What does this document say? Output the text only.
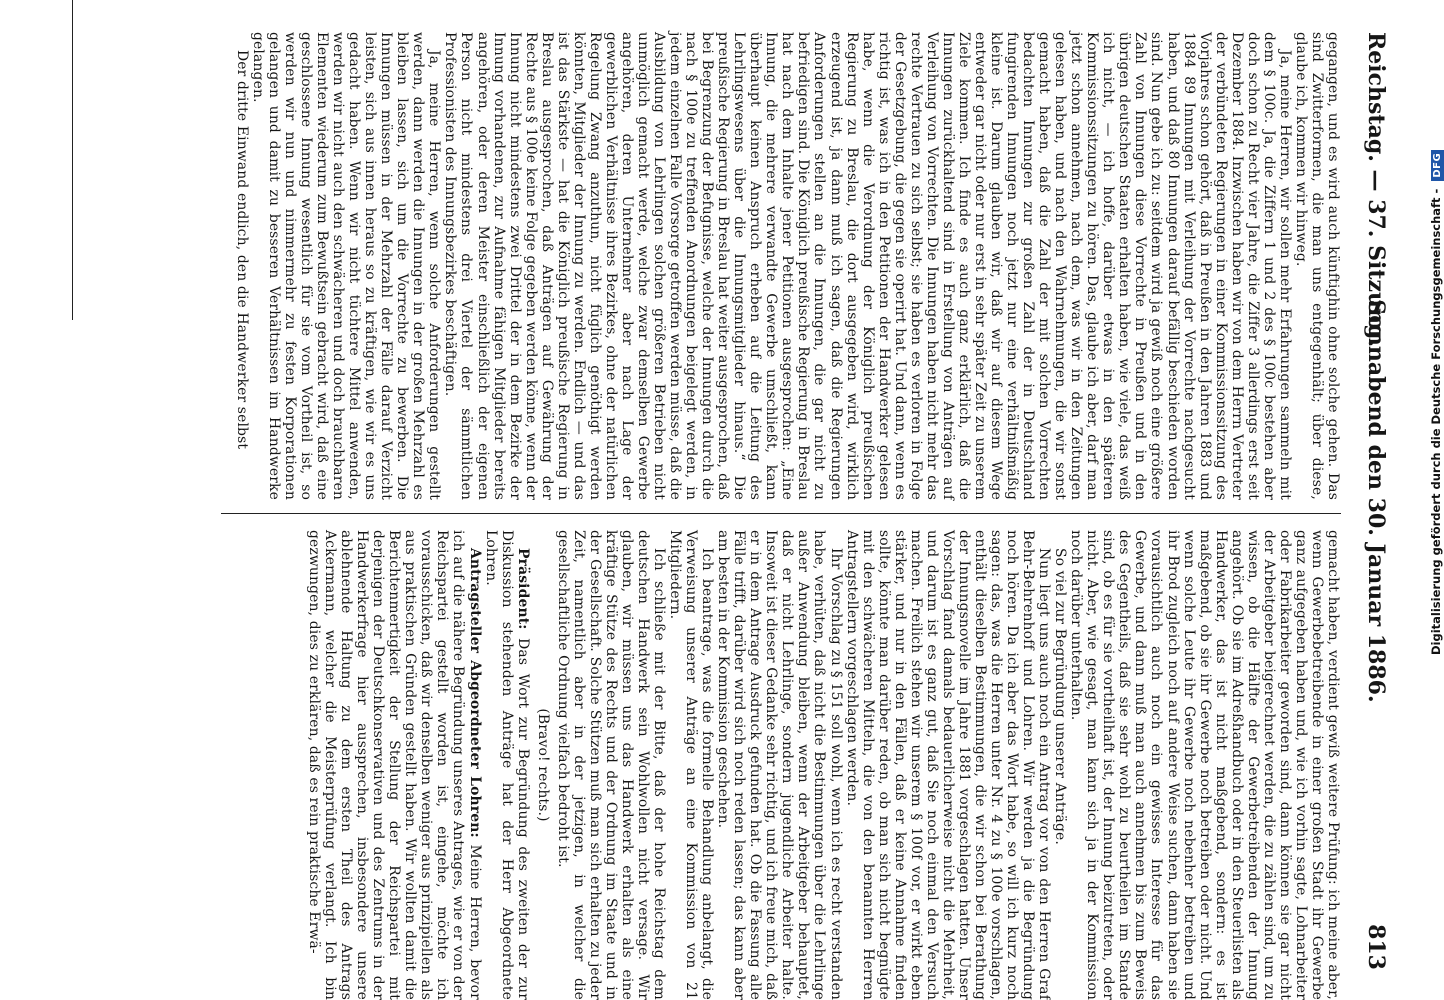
Reichstag. — 37. Sitzung.
Sonnabend den 30. Januar 1886.
813

gegangen, und es wird auch künftighin ohne solche gehen. Das sind Zwitterformen, die man uns entgegenhält; über diese, glaube ich, kommen wir hinweg.

Ja, meine Herren, wir sollen mehr Erfahrungen sammeln mit dem § 100c. Ja, die Ziffern 1 und 2 des § 100c bestehen aber doch schon zu Recht vier Jahre, die Ziffer 3 allerdings erst seit Dezember 1884. Inzwischen haben wir von dem Herrn Vertreter der verbündeten Regierungen in einer Kommissionssitzung des Vorjahres schon gehört, daß in Preußen in den Jahren 1883 und 1884 89 Innungen mit Verleihung der Vorrechte nachgesucht haben, und daß 80 Innungen darauf befällig beschieden worden sind. Nun gebe ich zu: seitdem wird ja gewiß noch eine größere Zahl von Innungen diese Vorrechte in Preußen und in den übrigen deutschen Staaten erhalten haben, wie viele, das weiß ich nicht, — ich hoffe, darüber etwas in den späteren Kommissionssitzungen zu hören. Das, glaube ich aber, darf man jetzt schon annehmen, nach dem, was wir in den Zeitungen gelesen haben, und nach den Wahrnehmungen, die wir sonst gemacht haben, daß die Zahl der mit solchen Vorrechten bedachten Innungen zur großen Zahl der in Deutschland fungirenden Innungen noch jetzt nur eine verhältnißmäßig kleine ist. Darum glauben wir, daß wir auf diesem Wege entweder gar nicht oder nur erst in sehr später Zeit zu unserem Ziele kommen. Ich finde es auch ganz erklärlich, daß die Innungen zurückhaltend sind in Erstellung von Anträgen auf Verleihung von Vorrechten. Die Innungen haben nicht mehr das rechte Vertrauen zu sich selbst; sie haben es verloren in Folge der Gesetzgebung, die gegen sie operirt hat. Und dann, wenn es richtig ist, was ich in den Petitionen der Handwerker gelesen habe, wenn die Verordnung der Königlich preußischen Regierung zu Breslau, die dort ausgegeben wird, wirklich erzeugend ist, ja dann muß ich sagen, daß die Regierungen Anforderungen stellen an die Innungen, die gar nicht zu befriedigen sind. Die Königlich preußische Regierung in Breslau hat nach dem Inhalte jener Petitionen ausgesprochen: „Eine Innung, die mehrere verwandte Gewerbe umschließt, kann überhaupt keinen Anspruch erheben auf die Leitung des Lehrlingswesens über die Innungsmitglieder hinaus.“ Die preußische Regierung in Breslau hat weiter ausgesprochen, daß bei Begrenzung der Befugnisse, welche der Innungen durch die nach § 100e zu treffenden Anordnungen beigelegt werden, in jedem einzelnen Falle Vorsorge getroffen werden müsse, daß die Ausbildung von Lehrlingen solchen größeren Betrieben nicht unmöglich gemacht werde, welche zwar demselben Gewerbe angehören, deren Unternehmer aber nach Lage der gewerblichen Verhältnisse ihres Bezirkes, ohne der natürlichen Regelung Zwang anzuthun, nicht füglich genöthigt werden könnten, Mitglieder der Innung zu werden. Endlich — und das ist das Stärkste — hat die Königlich preußische Regierung in Breslau ausgesprochen, daß Anträgen auf Gewährung der Rechte aus § 100e keine Folge gegeben werden könne, wenn der Innung nicht mindestens zwei Drittel der in dem Bezirke der Innung vorhandenen, zur Aufnahme fähigen Mitglieder bereits angehören, oder deren Meister einschließlich der eigenen Person nicht mindestens drei Viertel der sämmtlichen Professionisten des Innungsbezirkes beschäftigen.

Ja, meine Herren, wenn solche Anforderungen gestellt werden, dann werden die Innungen in der großen Mehrzahl es bleiben lassen, sich um die Vorrechte zu bewerben. Die Innungen müssen in der Mehrzahl der Fälle darauf Verzicht leisten, sich aus innen heraus so zu kräftigen, wie wir es uns gedacht haben. Wenn wir nicht tüchtere Mittel anwenden, werden wir nicht auch den schwächeren und doch brauchbaren Elementen wiederum zum Bewußtsein gebracht wird, daß eine geschlossene Innung wesentlich für sie vom Vortheil ist, so werden wir nun und nimmermehr zu festen Korporationen gelangen und damit zu besseren Verhältnissen im Handwerke gelangen.

Der dritte Einwand endlich, den die Handwerker selbst

gemacht haben, verdient gewiß weitere Prüfung: ich meine aber, wenn Gewerbebetreibende in einer großen Stadt ihr Gewerbe ganz aufgegeben haben und, wie ich vorhin sagte, Lohnarbeiter oder Fabrikarbeiter geworden sind, dann können sie gar nicht der Arbeitgeber beigerechnet werden, die zu zählen sind, um zu wissen, ob die Hälfte der Gewerbetreibenden der Innung angehört. Ob sie im Adreßhandbuch oder in den Steuerlisten als Handwerker, das ist nicht maßgebend, sondern: es ist maßgebend, ob sie ihr Gewerbe noch betreiben oder nicht. Und wenn solche Leute ihr Gewerbe noch nebenher betreiben und ihr Brod zugleich noch auf andere Weise suchen, dann haben sie vorausichtlich auch noch ein gewisses Interesse für das Gewerbe, und dann muß man auch annehmen bis zum Beweis des Gegentheils, daß sie sehr wohl zu beurtheilen im Stande sind, ob es für sie vortheilhaft ist, der Innung beizutreten, oder nicht. Aber, wie gesagt, man kann sich ja in der Kommission noch darüber unterhalten.

So viel zur Begründung unserer Anträge.

Nun liegt uns auch noch ein Antrag vor von den Herren Graf Behr-Behrenhoff und Lohren. Wir werden ja die Begründung noch hören. Da ich aber das Wort habe, so will ich kurz noch sagen: das, was die Herren unter Nr. 4 zu § 100e vorschlagen, enthält dieselben Bestimmungen, die wir schon bei Berathung der Innungsnovelle im Jahre 1881 vorgeschlagen hatten. Unser Vorschlag fand damals bedauerlicherweise nicht die Mehrheit, und darum ist es ganz gut, daß Sie noch einmal den Versuch machen. Freilich stehen wir unserem § 100f vor, er wirkt eben stärker, und nur in den Fällen, daß er keine Annahme finden sollte, könnte man darüber reden, ob man sich nicht begnügte mit den schwächeren Mitteln, die von den benannten Herren Antragstellern vorgeschlagen werden.

Ihr Vorschlag zu § 151 soll wohl, wenn ich es recht verstanden habe, verhüten, daß nicht die Bestimmungen über die Lehrlinge außer Anwendung bleiben, wenn der Arbeitgeber behauptet, daß er nicht Lehrlinge, sondern jugendliche Arbeiter halte. Insoweit ist dieser Gedanke sehr richtig, und ich freue mich, daß er in dem Antrage Ausdruck gefunden hat. Ob die Fassung alle Fälle trifft, darüber wird sich noch reden lassen; das kann aber am besten in der Kommission geschehen.

Ich beantrage, was die formelle Behandlung anbelangt, die Verweisung unserer Anträge an eine Kommission von 21 Mitgliedern.

Ich schließe mit der Bitte, daß der hohe Reichstag dem deutschen Handwerk sein Wohlwollen nicht versage. Wir glauben, wir müssen uns das Handwerk erhalten als eine kräftige Stütze des Rechts und der Ordnung im Staate und in der Gesellschaft. Solche Stützen muß man sich erhalten zu jeder Zeit, namentlich aber in der jetzigen, in welcher die gesellschaftliche Ordnung vielfach bedroht ist.

(Bravo! rechts.)

Präsident: Das Wort zur Begründung des zweiten der zur Diskussion stehenden Anträge hat der Herr Abgeordnete Lohren.

Antragsteller Abgeordneter Lohren: Meine Herren, bevor ich auf die nähere Begründung unseres Antrages, wie er von der Reichspartei gestellt worden ist, eingehe, möchte ich vorausschicken, daß wir denselben weniger aus prinzipiellen als aus praktischen Gründen gestellt haben. Wir wollten damit die Berichtenmertigkeit der Stellung der Reichspartei mit derjenigen der Deutschkonservativen und des Zentrums in der Handwerkerfrage hier aussprechen, insbesondere unsere ablehnende Haltung zu dem ersten Theil des Antrags Ackermann, welcher die Meisterprüfung verlangt. Ich bin gezwungen, dies zu erklären, daß es rein praktische Erwä-

Digitalisierung gefördert durch die Deutsche Forschungsgemeinschaft -DFG
